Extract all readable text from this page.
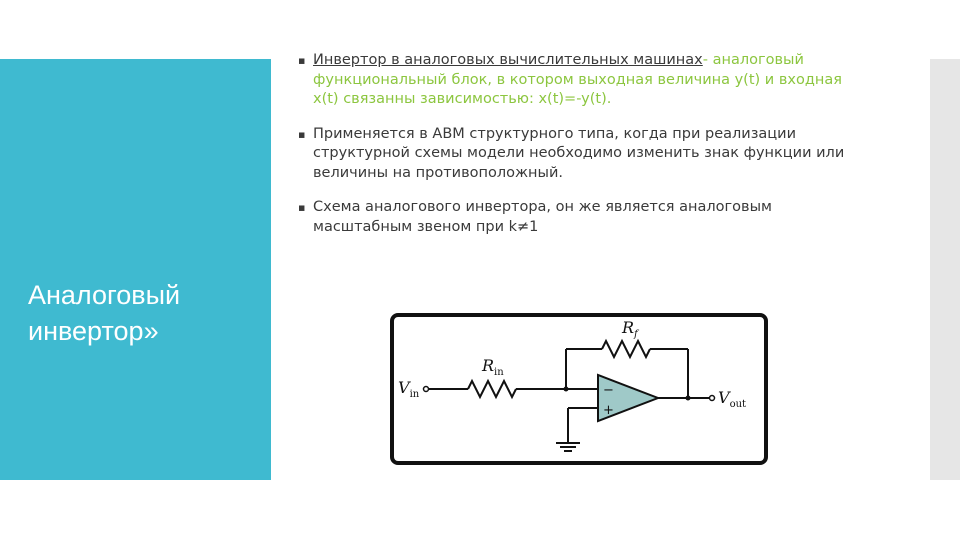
Аналоговый
инвертор»
▪ Инвертор в аналоговых вычислительных машинах- аналоговый функциональный блок, в котором выходная величина y(t) и входная x(t) связанны зависимостью: x(t)=-y(t).
▪ Применяется в АВМ структурного типа, когда при реализации структурной схемы модели необходимо изменить знак функции или величины на противоположный.
▪ Схема аналогового инвертора, он же является аналоговым масштабным звеном при k≠1
−
+
$V_{in}$
$R_{in}$
$R_f$
$V_{out}$
